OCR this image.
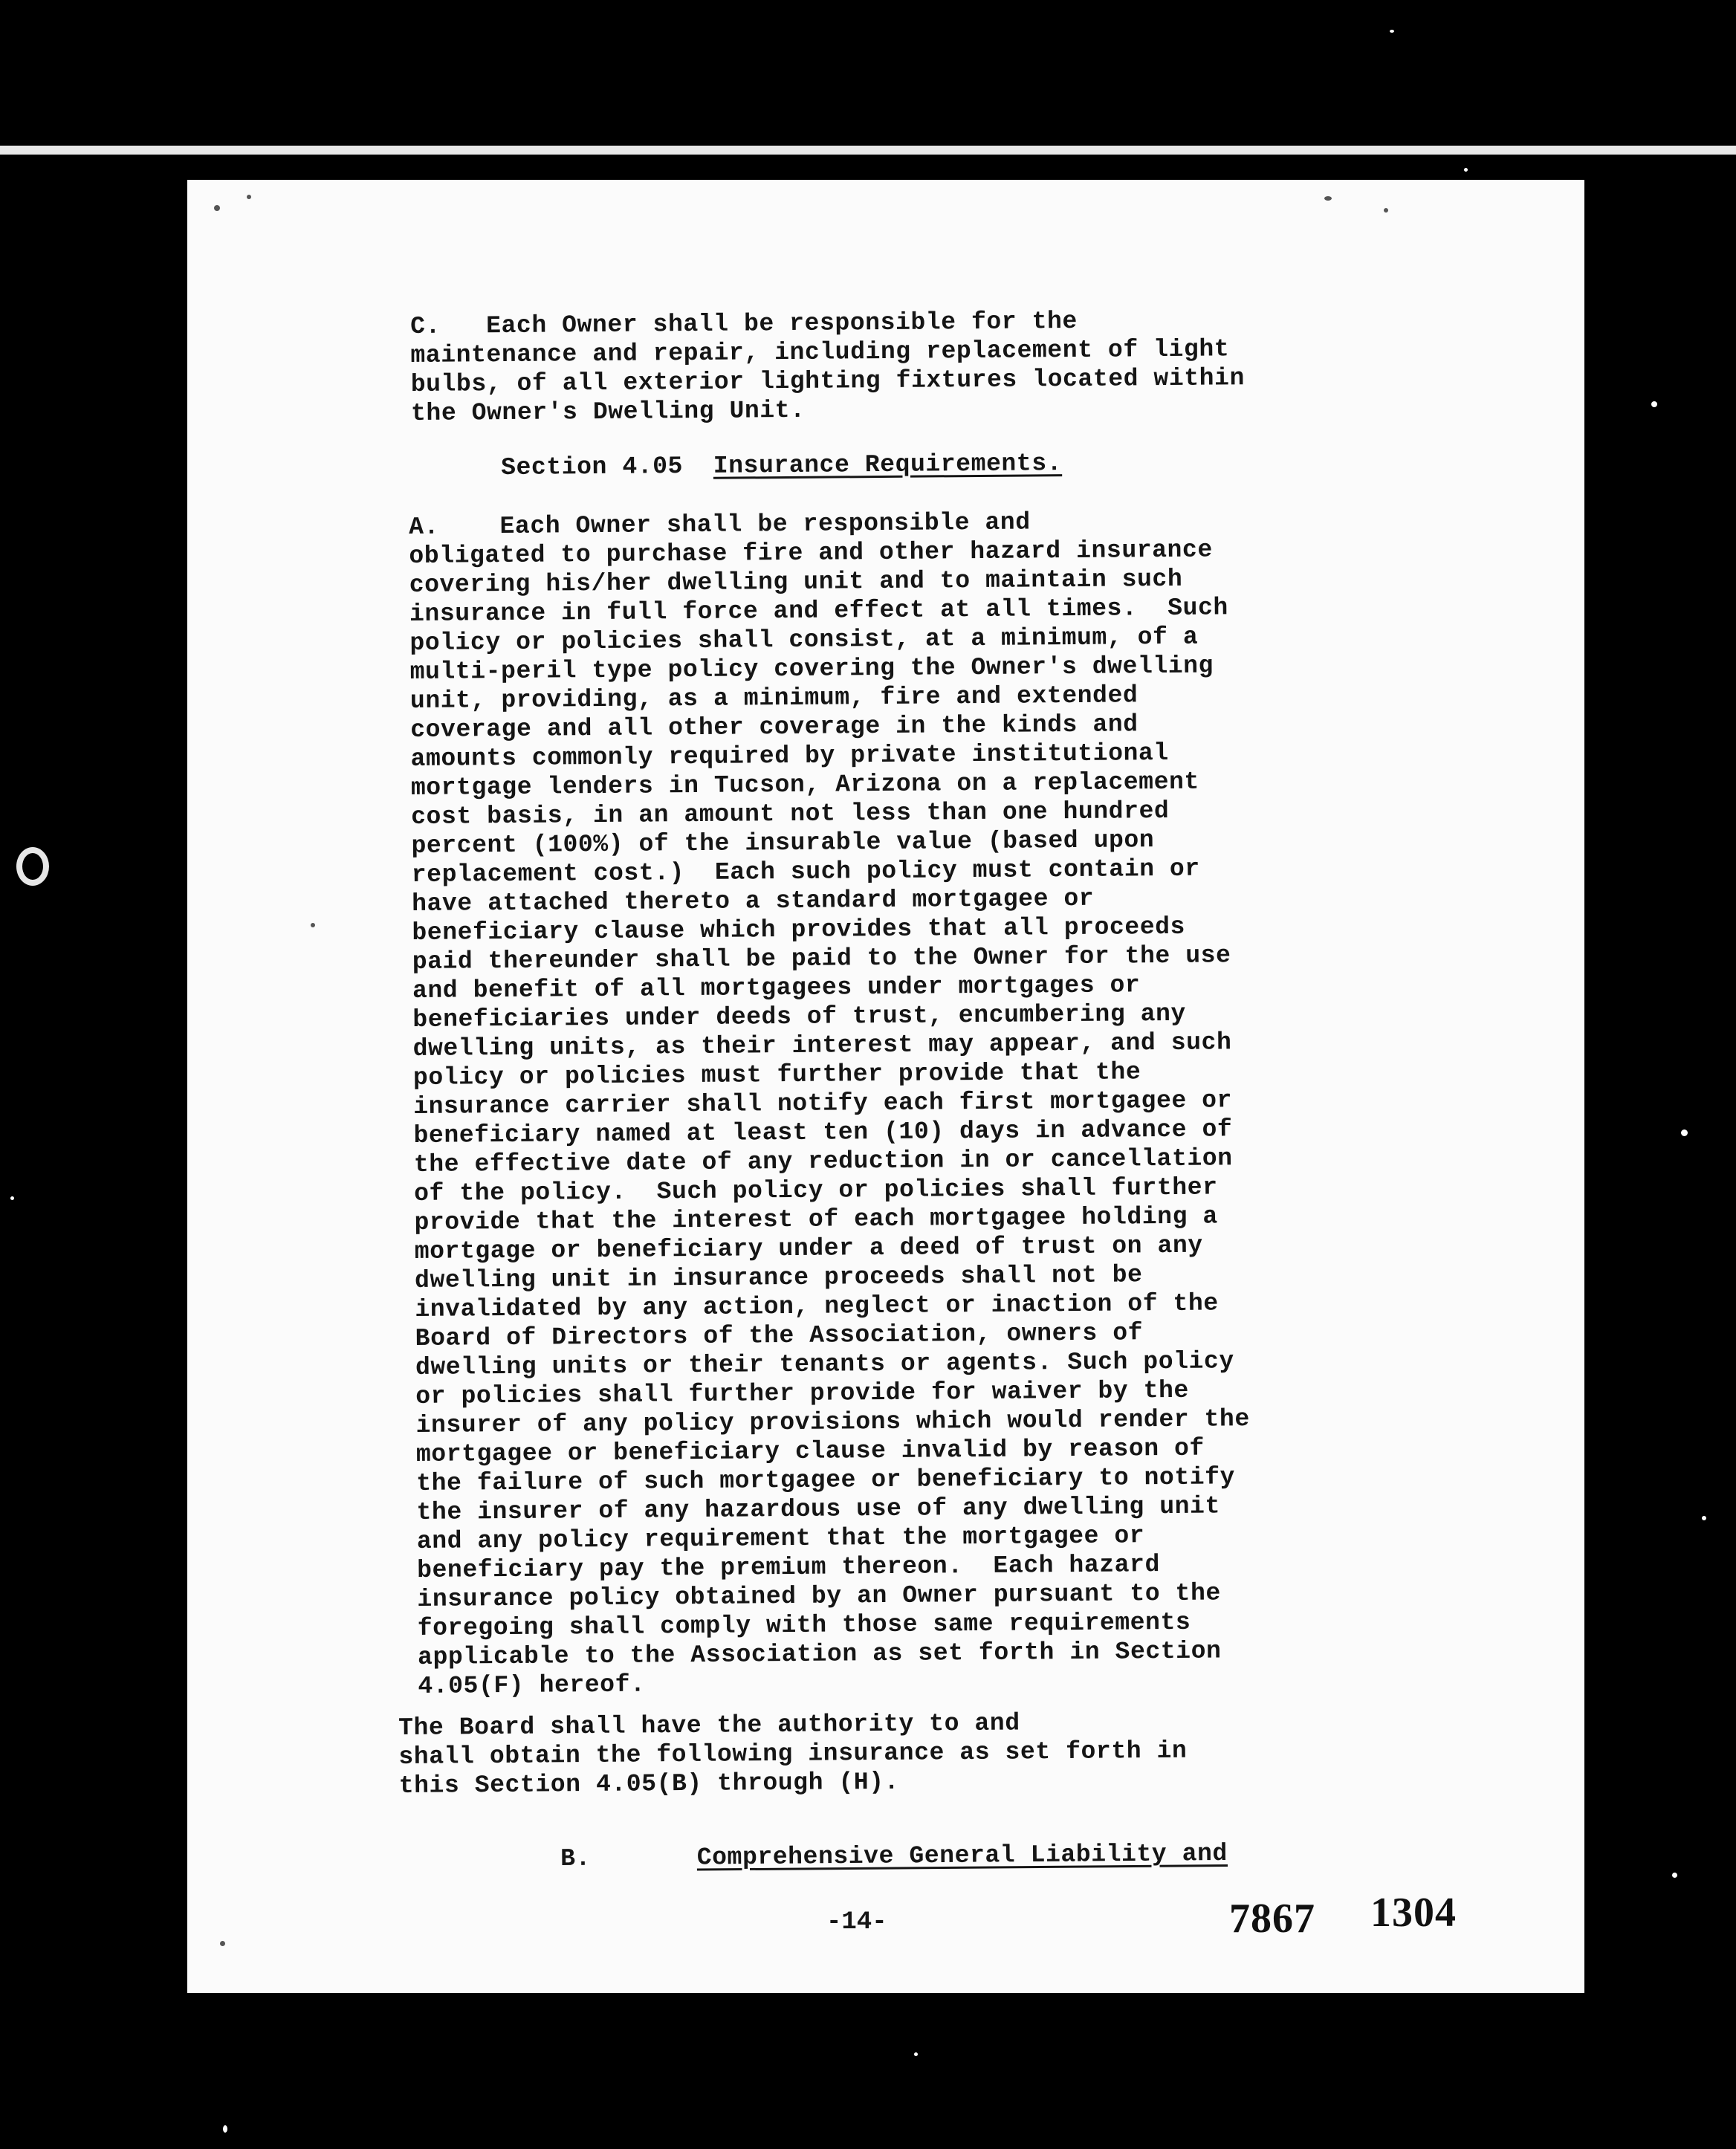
C.   Each Owner shall be responsible for the
maintenance and repair, including replacement of light
bulbs, of all exterior lighting fixtures located within
the Owner's Dwelling Unit.
Section 4.05 Insurance Requirements.
A.    Each Owner shall be responsible and
obligated to purchase fire and other hazard insurance
covering his/her dwelling unit and to maintain such
insurance in full force and effect at all times.  Such
policy or policies shall consist, at a minimum, of a
multi-peril type policy covering the Owner's dwelling
unit, providing, as a minimum, fire and extended
coverage and all other coverage in the kinds and
amounts commonly required by private institutional
mortgage lenders in Tucson, Arizona on a replacement
cost basis, in an amount not less than one hundred
percent (100%) of the insurable value (based upon
replacement cost.)  Each such policy must contain or
have attached thereto a standard mortgagee or
beneficiary clause which provides that all proceeds
paid thereunder shall be paid to the Owner for the use
and benefit of all mortgagees under mortgages or
beneficiaries under deeds of trust, encumbering any
dwelling units, as their interest may appear, and such
policy or policies must further provide that the
insurance carrier shall notify each first mortgagee or
beneficiary named at least ten (10) days in advance of
the effective date of any reduction in or cancellation
of the policy.  Such policy or policies shall further
provide that the interest of each mortgagee holding a
mortgage or beneficiary under a deed of trust on any
dwelling unit in insurance proceeds shall not be
invalidated by any action, neglect or inaction of the
Board of Directors of the Association, owners of
dwelling units or their tenants or agents. Such policy
or policies shall further provide for waiver by the
insurer of any policy provisions which would render the
mortgagee or beneficiary clause invalid by reason of
the failure of such mortgagee or beneficiary to notify
the insurer of any hazardous use of any dwelling unit
and any policy requirement that the mortgagee or
beneficiary pay the premium thereon.  Each hazard
insurance policy obtained by an Owner pursuant to the
foregoing shall comply with those same requirements
applicable to the Association as set forth in Section
4.05(F) hereof.
The Board shall have the authority to and
shall obtain the following insurance as set forth in
this Section 4.05(B) through (H).
B.	Comprehensive General Liability and
-14-	7867 1304
